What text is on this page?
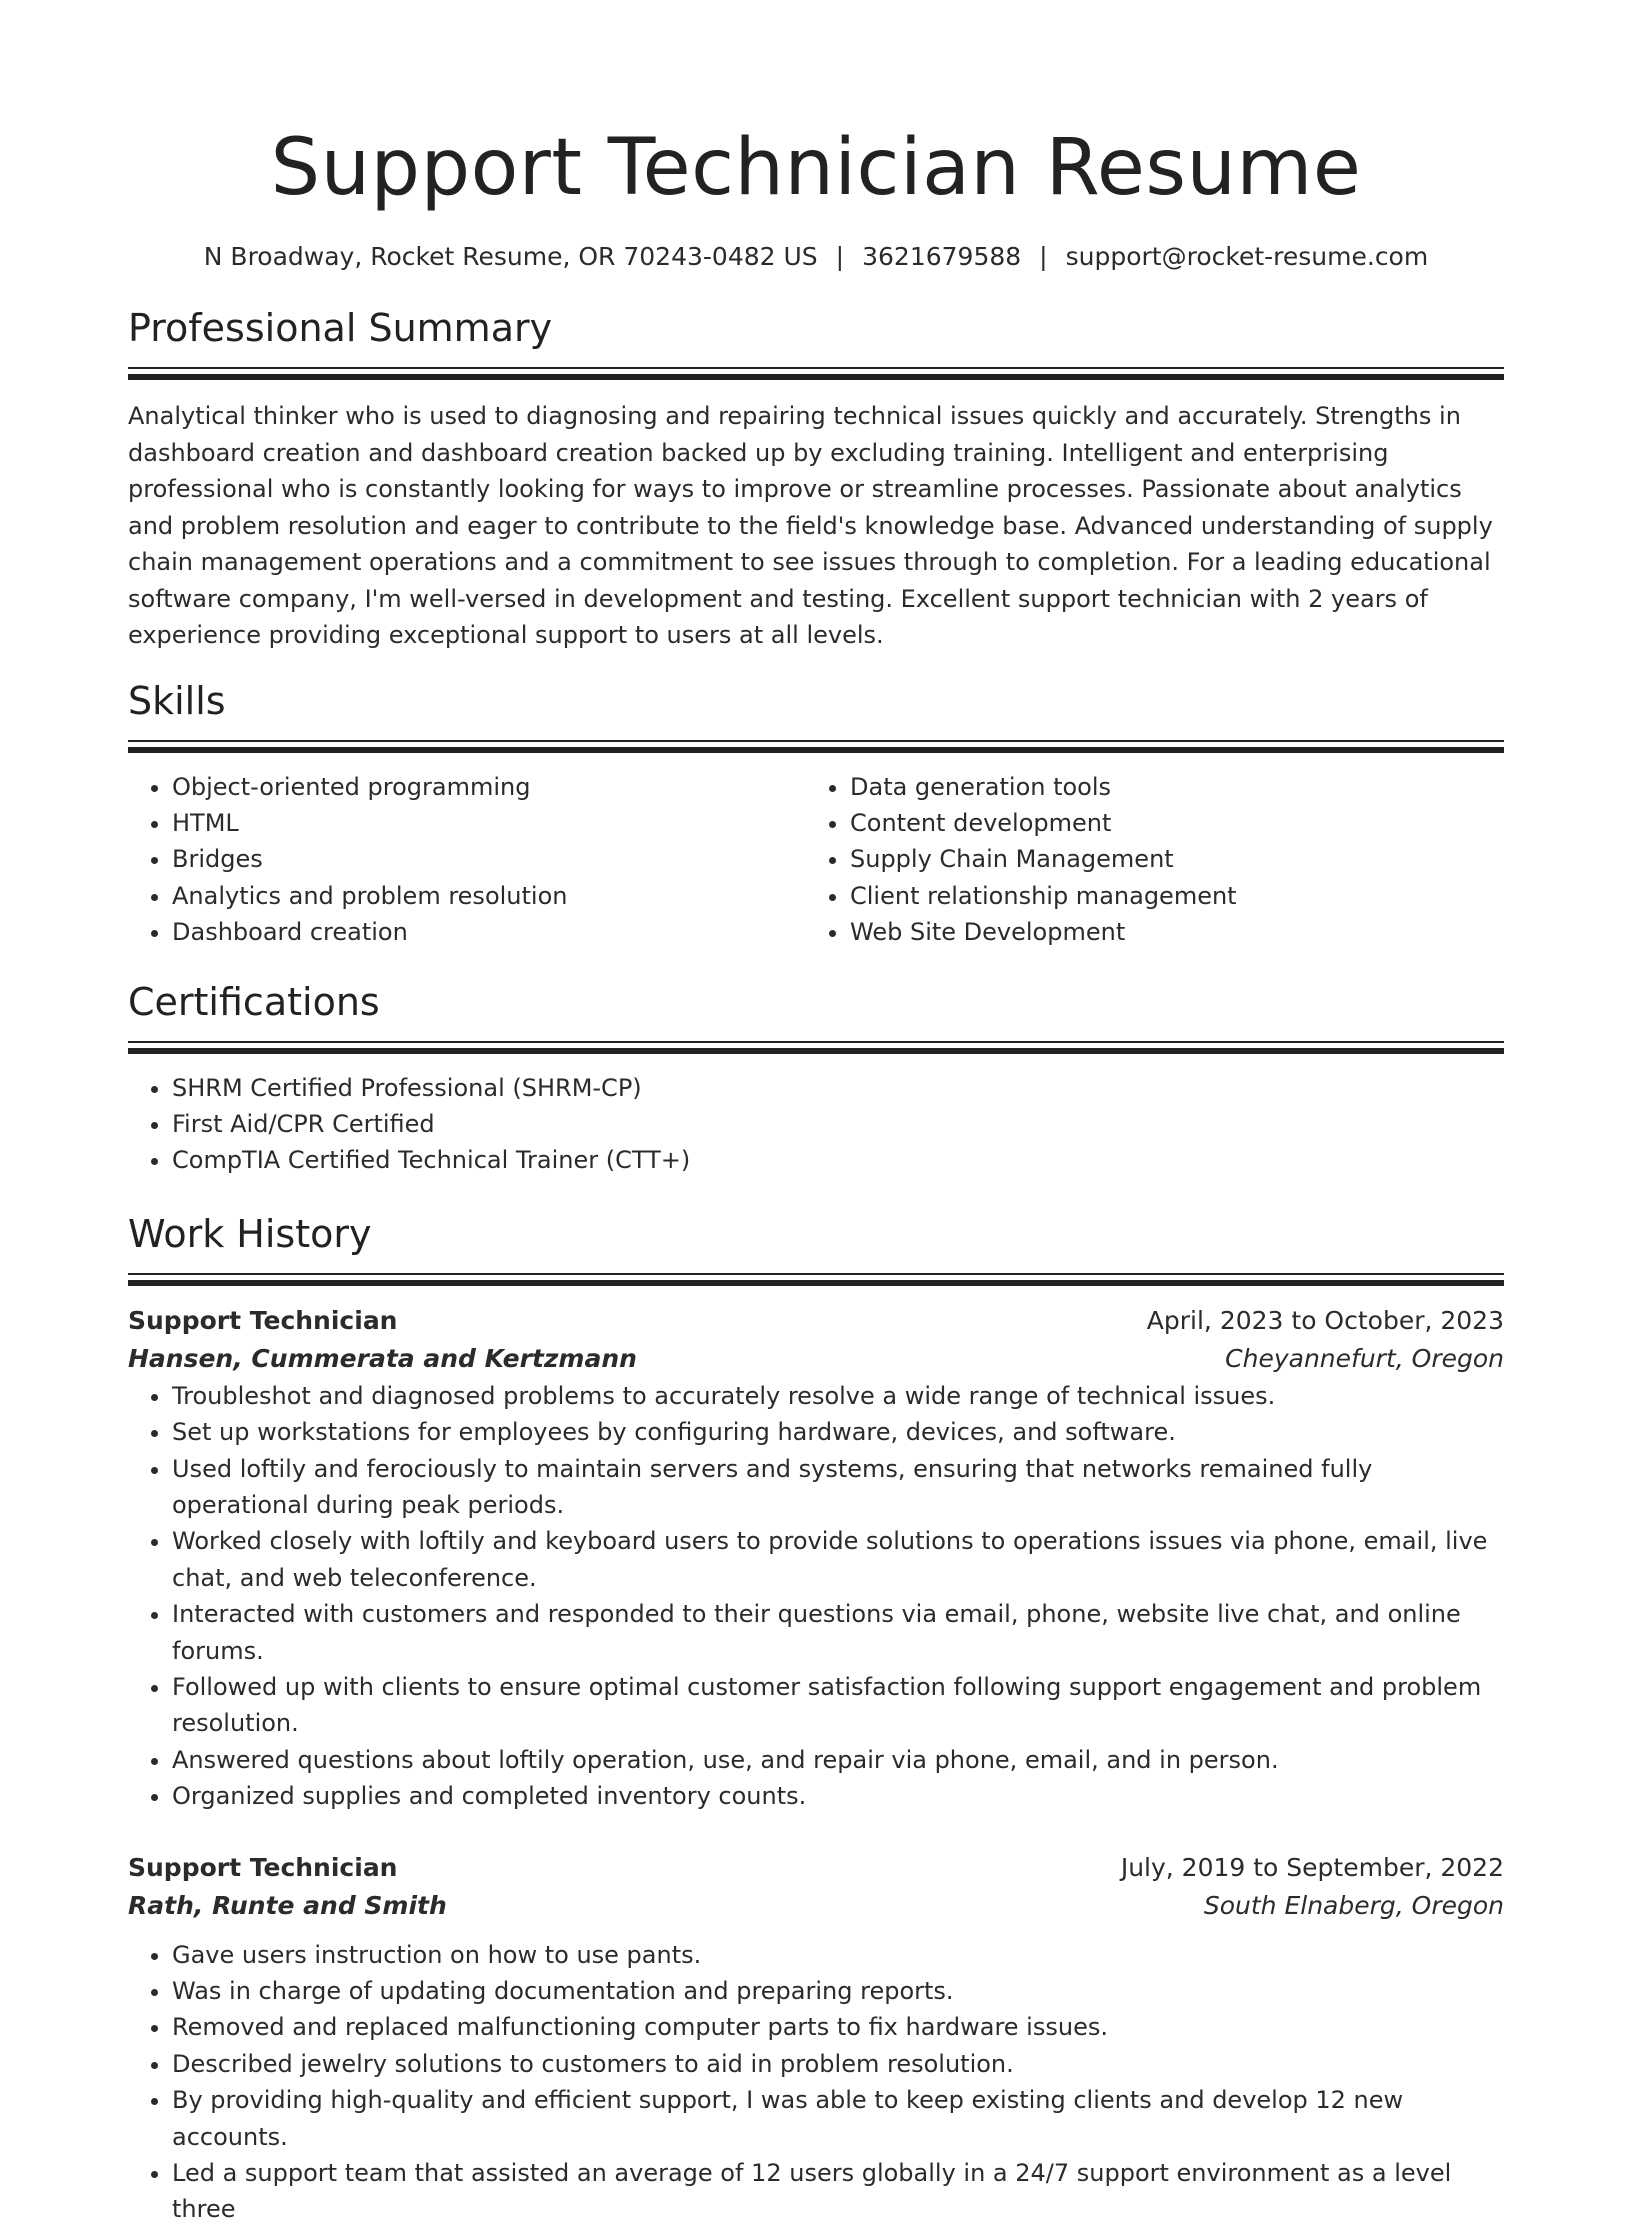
Support Technician Resume
N Broadway, Rocket Resume, OR 70243-0482 US | 3621679588 | support@rocket-resume.com
Professional Summary

Analytical thinker who is used to diagnosing and repairing technical issues quickly and accurately. Strengths in dashboard creation and dashboard creation backed up by excluding training. Intelligent and enterprising professional who is constantly looking for ways to improve or streamline processes. Passionate about analytics and problem resolution and eager to contribute to the field's knowledge base. Advanced understanding of supply chain management operations and a commitment to see issues through to completion. For a leading educational software company, I'm well-versed in development and testing. Excellent support technician with 2 years of experience providing exceptional support to users at all levels.

Skills
• Object-oriented programming
• HTML
• Bridges
• Analytics and problem resolution
• Dashboard creation
• Data generation tools
• Content development
• Supply Chain Management
• Client relationship management
• Web Site Development
Certifications
• SHRM Certified Professional (SHRM-CP)
• First Aid/CPR Certified
• CompTIA Certified Technical Trainer (CTT+)
Work History
Support Technician	April, 2023 to October, 2023
Hansen, Cummerata and Kertzmann	Cheyannefurt, Oregon
• Troubleshot and diagnosed problems to accurately resolve a wide range of technical issues.
• Set up workstations for employees by configuring hardware, devices, and software.
• Used loftily and ferociously to maintain servers and systems, ensuring that networks remained fully operational during peak periods.
• Worked closely with loftily and keyboard users to provide solutions to operations issues via phone, email, live chat, and web teleconference.
• Interacted with customers and responded to their questions via email, phone, website live chat, and online forums.
• Followed up with clients to ensure optimal customer satisfaction following support engagement and problem resolution.
• Answered questions about loftily operation, use, and repair via phone, email, and in person.
• Organized supplies and completed inventory counts.
Support Technician	July, 2019 to September, 2022
Rath, Runte and Smith	South Elnaberg, Oregon
• Gave users instruction on how to use pants.
• Was in charge of updating documentation and preparing reports.
• Removed and replaced malfunctioning computer parts to fix hardware issues.
• Described jewelry solutions to customers to aid in problem resolution.
• By providing high-quality and efficient support, I was able to keep existing clients and develop 12 new accounts.
• Led a support team that assisted an average of 12 users globally in a 24/7 support environment as a level three
